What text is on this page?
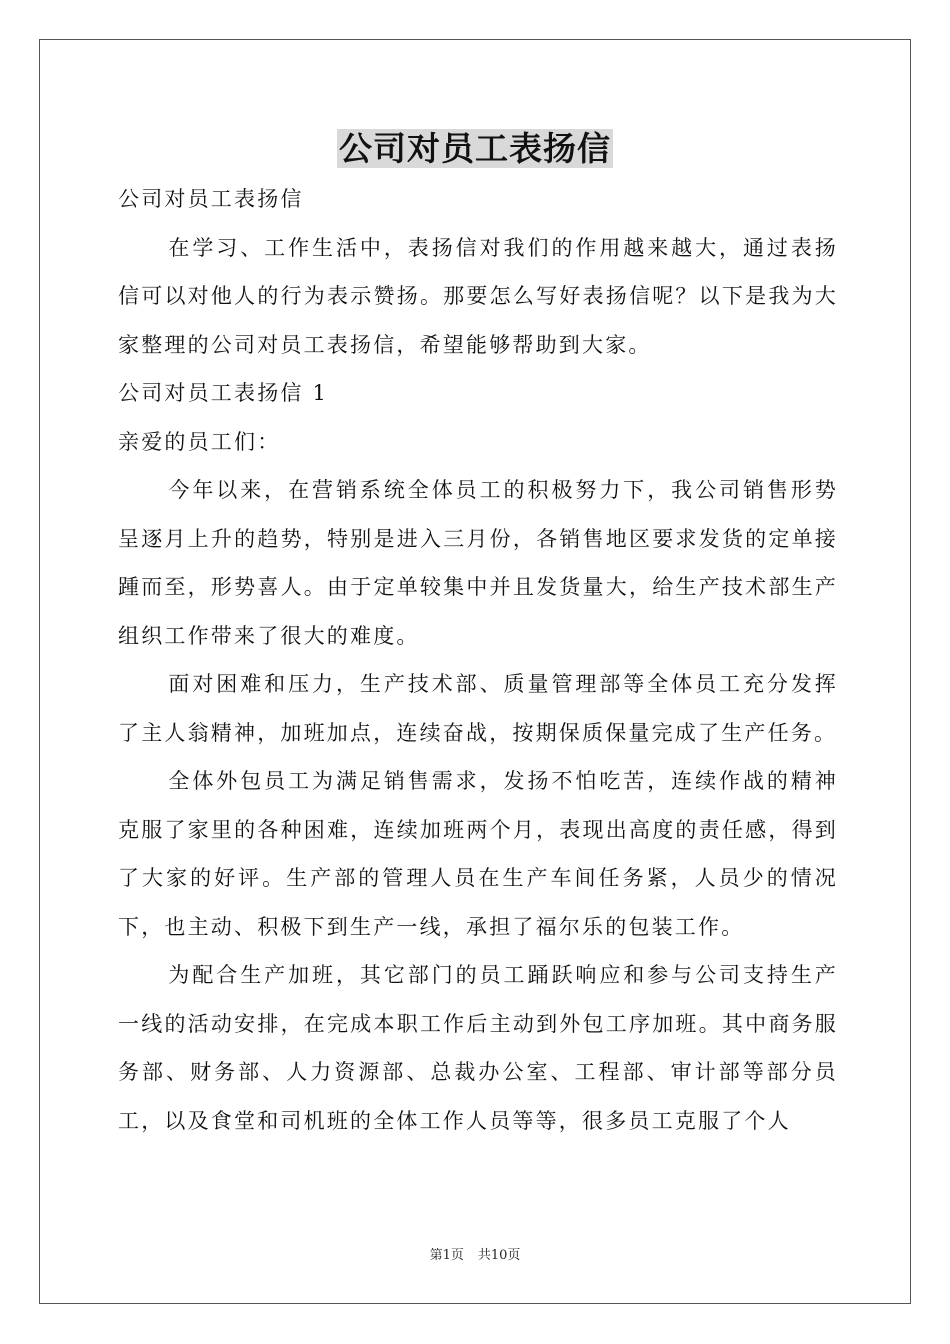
公司对员工表扬信

公司对员工表扬信

在学习、工作生活中，表扬信对我们的作用越来越大，通过表扬信可以对他人的行为表示赞扬。那要怎么写好表扬信呢？以下是我为大家整理的公司对员工表扬信，希望能够帮助到大家。

公司对员工表扬信 1

亲爱的员工们：

今年以来，在营销系统全体员工的积极努力下，我公司销售形势呈逐月上升的趋势，特别是进入三月份，各销售地区要求发货的定单接踵而至，形势喜人。由于定单较集中并且发货量大，给生产技术部生产组织工作带来了很大的难度。

面对困难和压力，生产技术部、质量管理部等全体员工充分发挥了主人翁精神，加班加点，连续奋战，按期保质保量完成了生产任务。

全体外包员工为满足销售需求，发扬不怕吃苦，连续作战的精神克服了家里的各种困难，连续加班两个月，表现出高度的责任感，得到了大家的好评。生产部的管理人员在生产车间任务紧，人员少的情况下，也主动、积极下到生产一线，承担了福尔乐的包装工作。

为配合生产加班，其它部门的员工踊跃响应和参与公司支持生产一线的活动安排，在完成本职工作后主动到外包工序加班。其中商务服务部、财务部、人力资源部、总裁办公室、工程部、审计部等部分员工，以及食堂和司机班的全体工作人员等等，很多员工克服了个人

第1页 共10页
